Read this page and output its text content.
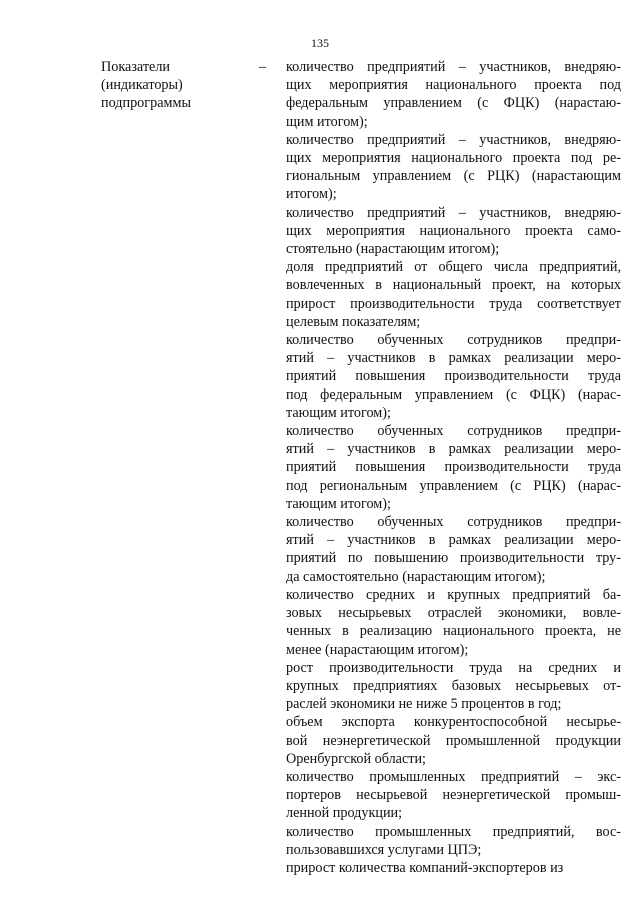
135
Показатели
(индикаторы)
подпрограммы
–	количество предприятий – участников, внедряю-
щих мероприятия национального проекта под
федеральным управлением (с ФЦК) (нарастаю-
щим итогом);
количество предприятий – участников, внедряю-
щих мероприятия национального проекта под ре-
гиональным управлением (с РЦК) (нарастающим
итогом);
количество предприятий – участников, внедряю-
щих мероприятия национального проекта само-
стоятельно (нарастающим итогом);
доля предприятий от общего числа предприятий,
вовлеченных в национальный проект, на которых
прирост производительности труда соответствует
целевым показателям;
количество обученных сотрудников предпри-
ятий – участников в рамках реализации меро-
приятий повышения производительности труда
под федеральным управлением (с ФЦК) (нарас-
тающим итогом);
количество обученных сотрудников предпри-
ятий – участников в рамках реализации меро-
приятий повышения производительности труда
под региональным управлением (с РЦК) (нарас-
тающим итогом);
количество обученных сотрудников предпри-
ятий – участников в рамках реализации меро-
приятий по повышению производительности тру-
да самостоятельно (нарастающим итогом);
количество средних и крупных предприятий ба-
зовых несырьевых отраслей экономики, вовле-
ченных в реализацию национального проекта, не
менее (нарастающим итогом);
рост производительности труда на средних и
крупных предприятиях базовых несырьевых от-
раслей экономики не ниже 5 процентов в год;
объем экспорта конкурентоспособной несырье-
вой неэнергетической промышленной продукции
Оренбургской области;
количество промышленных предприятий – экс-
портеров несырьевой неэнергетической промыш-
ленной продукции;
количество промышленных предприятий, вос-
пользовавшихся услугами ЦПЭ;
прирост количества компаний-экспортеров из
